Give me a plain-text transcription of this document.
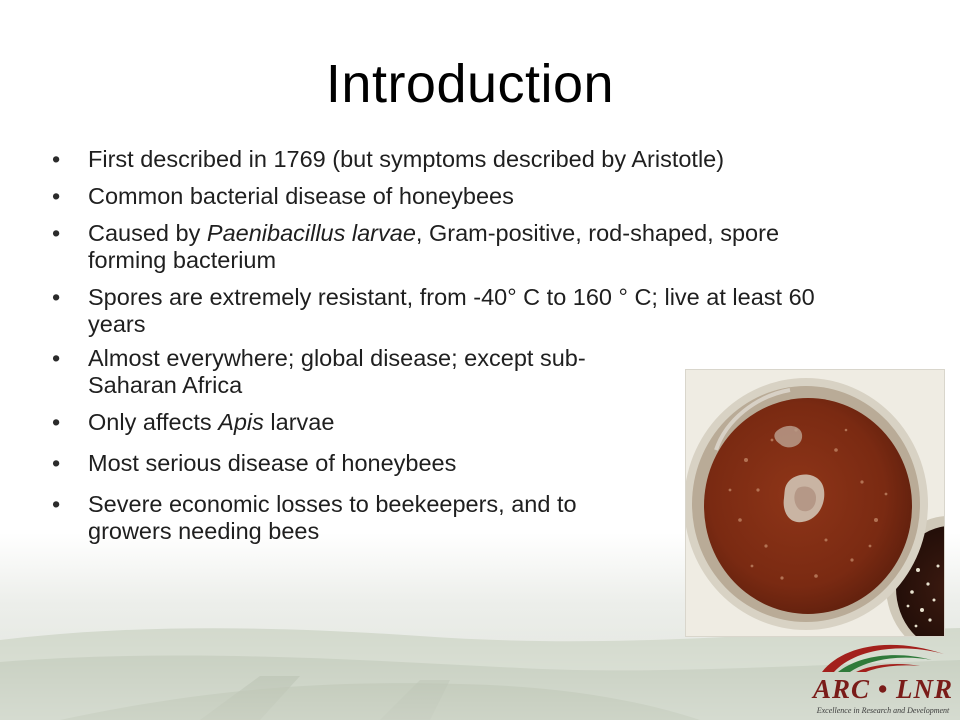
Introduction
• First described in 1769 (but symptoms described by Aristotle)
• Common bacterial disease of honeybees
• Caused by Paenibacillus larvae, Gram-positive, rod-shaped, spore forming bacterium
• Spores are extremely resistant, from -40° C to 160 ° C; live at least 60 years
• Almost everywhere; global disease; except sub-Saharan Africa
• Only affects Apis larvae
• Most serious disease of honeybees
• Severe economic losses to beekeepers, and to growers needing bees
ARC • LNR
Excellence in Research and Development
